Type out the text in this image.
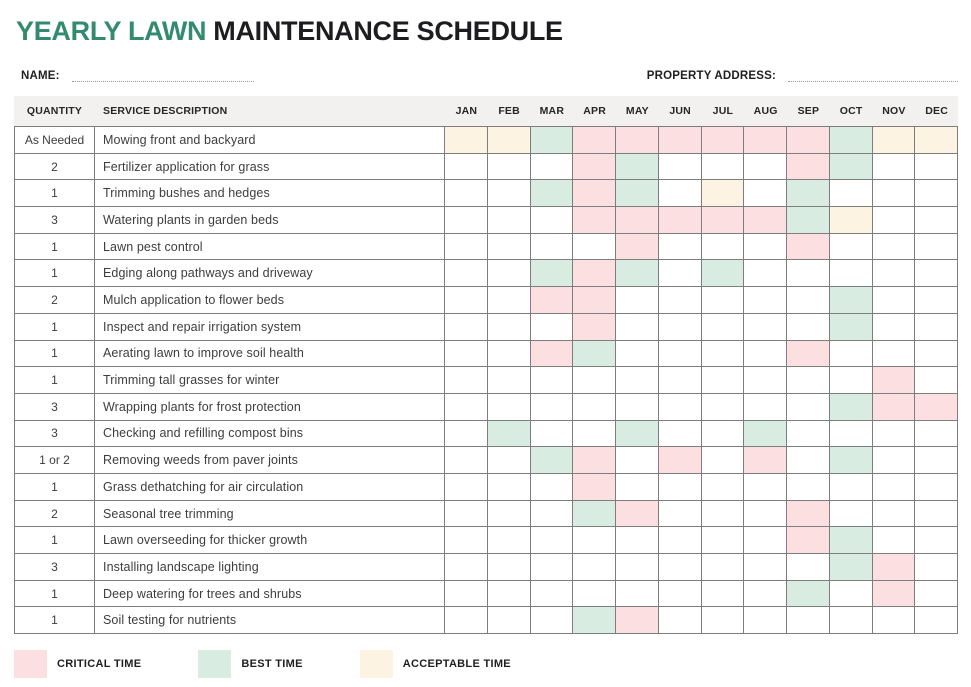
YEARLY LAWN MAINTENANCE SCHEDULE
NAME:	PROPERTY ADDRESS:
QUANTITY	SERVICE DESCRIPTION	JAN	FEB	MAR	APR	MAY	JUN	JUL	AUG	SEP	OCT	NOV	DEC
As Needed	Mowing front and backyard
2	Fertilizer application for grass
1	Trimming bushes and hedges
3	Watering plants in garden beds
1	Lawn pest control
1	Edging along pathways and driveway
2	Mulch application to flower beds
1	Inspect and repair irrigation system
1	Aerating lawn to improve soil health
1	Trimming tall grasses for winter
3	Wrapping plants for frost protection
3	Checking and refilling compost bins
1 or 2	Removing weeds from paver joints
1	Grass dethatching for air circulation
2	Seasonal tree trimming
1	Lawn overseeding for thicker growth
3	Installing landscape lighting
1	Deep watering for trees and shrubs
1	Soil testing for nutrients
CRITICAL TIME	BEST TIME	ACCEPTABLE TIME
